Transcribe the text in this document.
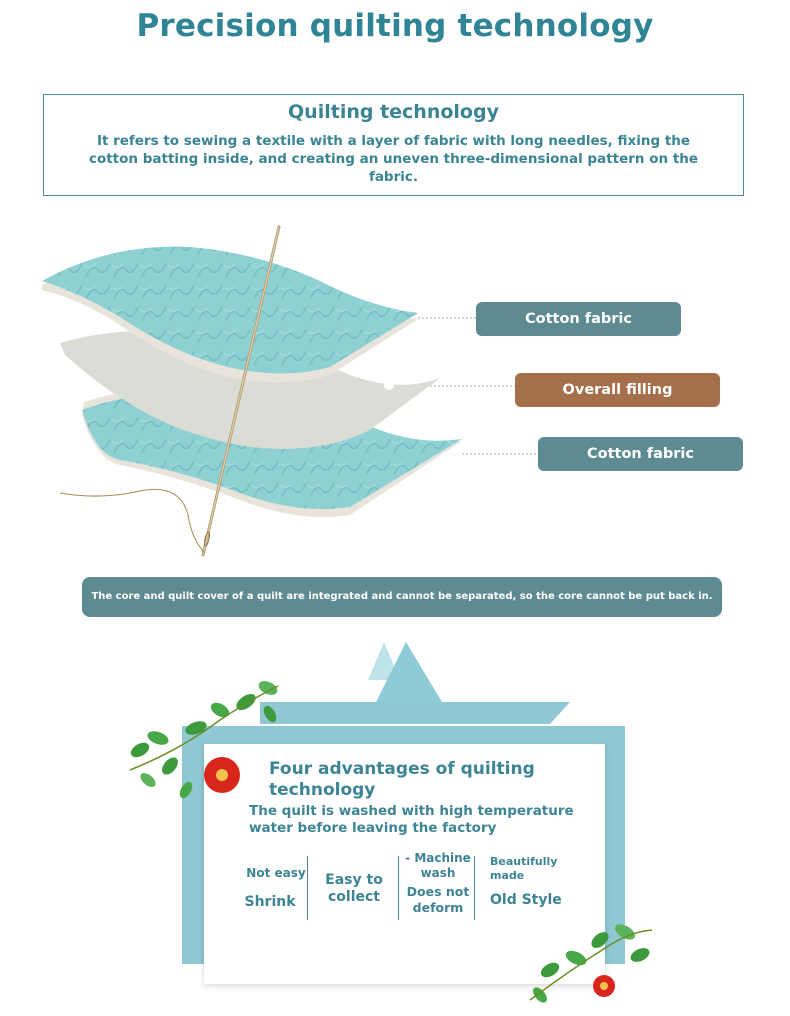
Precision quilting technology
Quilting technology
It refers to sewing a textile with a layer of fabric with long needles, fixing the cotton batting inside, and creating an uneven three-dimensional pattern on the fabric.
Cotton fabric
Overall filling
Cotton fabric
The core and quilt cover of a quilt are integrated and cannot be separated, so the core cannot be put back in.
Four advantages of quilting technology
The quilt is washed with high temperature water before leaving the factory
Not easy
Shrink
Easy to collect
- Machine wash
Does not deform
Beautifully made
Old Style
